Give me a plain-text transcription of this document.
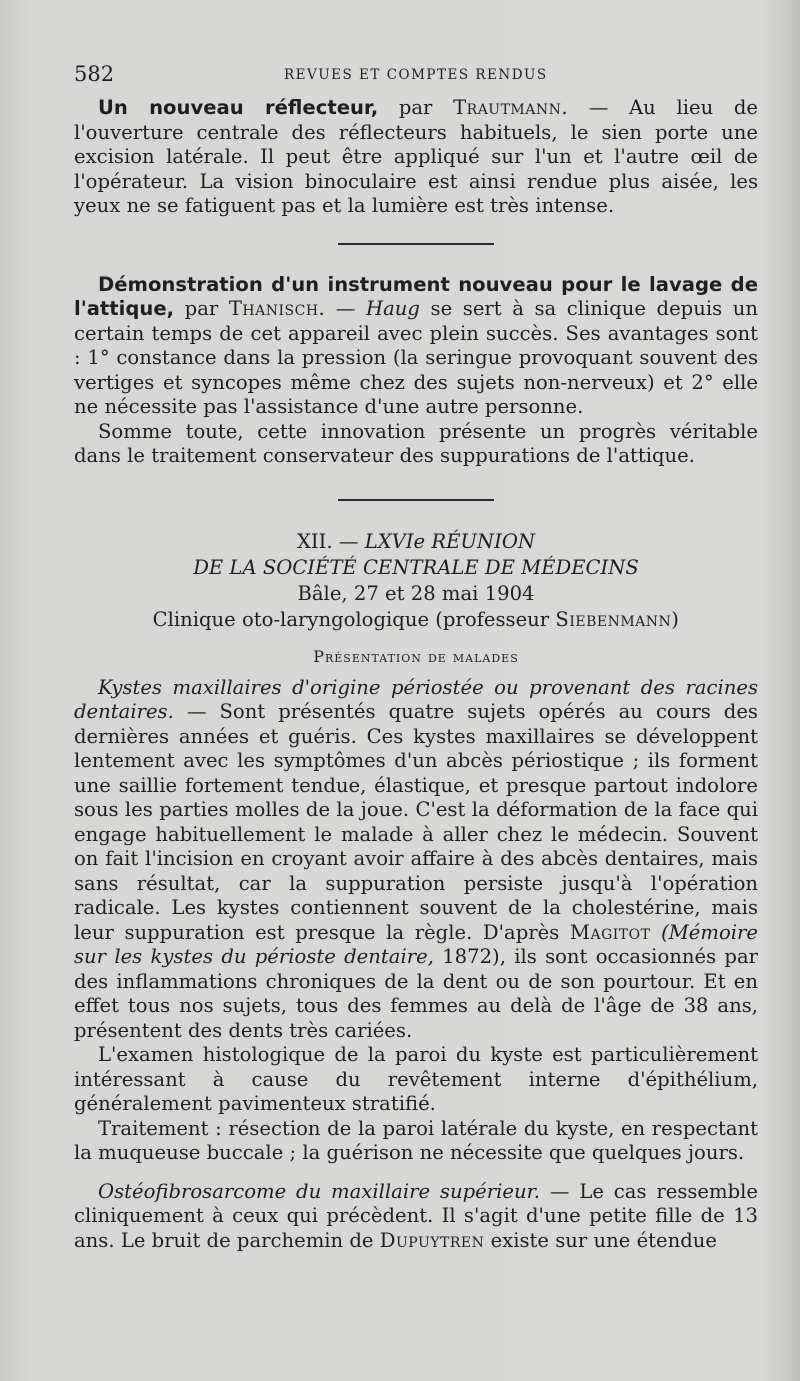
582	REVUES ET COMPTES RENDUS

Un nouveau réflecteur, par Trautmann. — Au lieu de l'ouverture centrale des réflecteurs habituels, le sien porte une excision latérale. Il peut être appliqué sur l'un et l'autre œil de l'opérateur. La vision binoculaire est ainsi rendue plus aisée, les yeux ne se fatiguent pas et la lumière est très intense.

Démonstration d'un instrument nouveau pour le lavage de l'attique, par Thanisch. — Haug se sert à sa clinique depuis un certain temps de cet appareil avec plein succès. Ses avantages sont : 1° constance dans la pression (la seringue provoquant souvent des vertiges et syncopes même chez des sujets non-nerveux) et 2° elle ne nécessite pas l'assistance d'une autre personne.

Somme toute, cette innovation présente un progrès véritable dans le traitement conservateur des suppurations de l'attique.

XII. — LXVIe RÉUNION
DE LA SOCIÉTÉ CENTRALE DE MÉDECINS
Bâle, 27 et 28 mai 1904
Clinique oto-laryngologique (professeur Siebenmann)
Présentation de malades

Kystes maxillaires d'origine périostée ou provenant des racines dentaires. — Sont présentés quatre sujets opérés au cours des dernières années et guéris. Ces kystes maxillaires se développent lentement avec les symptômes d'un abcès périostique ; ils forment une saillie fortement tendue, élastique, et presque partout indolore sous les parties molles de la joue. C'est la déformation de la face qui engage habituellement le malade à aller chez le médecin. Souvent on fait l'incision en croyant avoir affaire à des abcès dentaires, mais sans résultat, car la suppuration persiste jusqu'à l'opération radicale. Les kystes contiennent souvent de la cholestérine, mais leur suppuration est presque la règle. D'après Magitot (Mémoire sur les kystes du périoste dentaire, 1872), ils sont occasionnés par des inflammations chroniques de la dent ou de son pourtour. Et en effet tous nos sujets, tous des femmes au delà de l'âge de 38 ans, présentent des dents très cariées.

L'examen histologique de la paroi du kyste est particulièrement intéressant à cause du revêtement interne d'épithélium, généralement pavimenteux stratifié.

Traitement : résection de la paroi latérale du kyste, en respectant la muqueuse buccale ; la guérison ne nécessite que quelques jours.

Ostéofibrosarcome du maxillaire supérieur. — Le cas ressemble cliniquement à ceux qui précèdent. Il s'agit d'une petite fille de 13 ans. Le bruit de parchemin de Dupuytren existe sur une étendue
